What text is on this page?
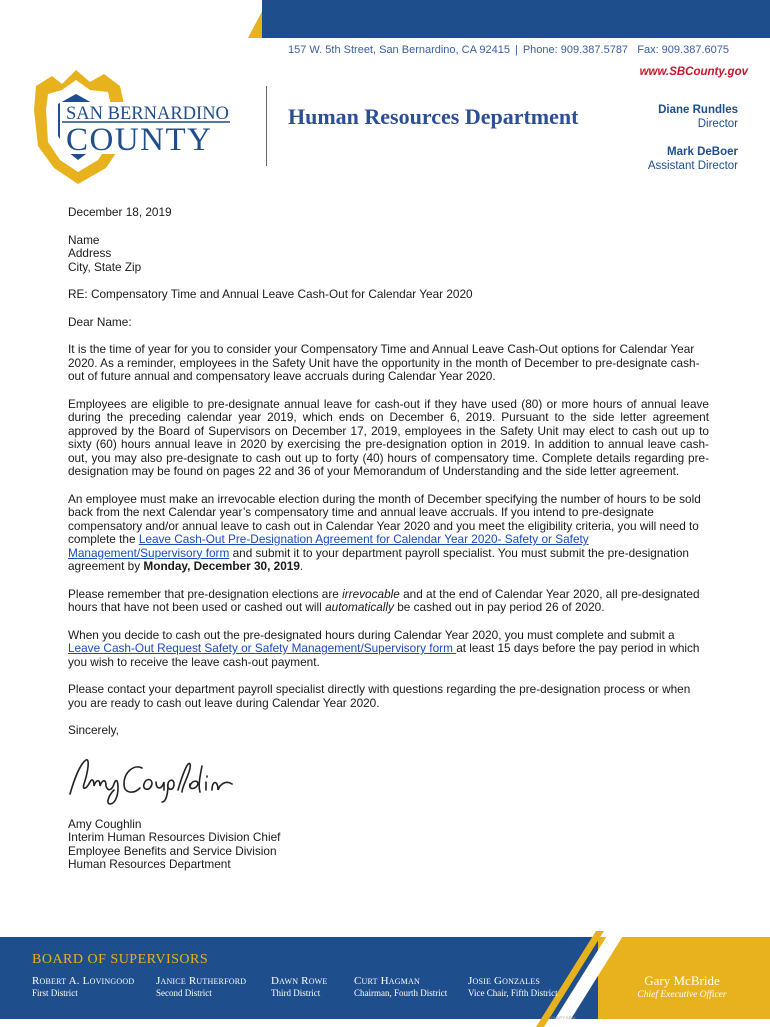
157 W. 5th Street, San Bernardino, CA 92415 | Phone: 909.387.5787 Fax: 909.387.6075
www.SBCounty.gov
SAN BERNARDINO
COUNTY
Human Resources Department	Diane Rundles
Director
Mark DeBoer
Assistant Director

December 18, 2019

Name
Address
City, State Zip

RE: Compensatory Time and Annual Leave Cash-Out for Calendar Year 2020

Dear Name:

It is the time of year for you to consider your Compensatory Time and Annual Leave Cash-Out options for Calendar Year 2020. As a reminder, employees in the Safety Unit have the opportunity in the month of December to pre-designate cash-out of future annual and compensatory leave accruals during Calendar Year 2020.

Employees are eligible to pre-designate annual leave for cash-out if they have used (80) or more hours of annual leave during the preceding calendar year 2019, which ends on December 6, 2019. Pursuant to the side letter agreement approved by the Board of Supervisors on December 17, 2019, employees in the Safety Unit may elect to cash out up to sixty (60) hours annual leave in 2020 by exercising the pre-designation option in 2019. In addition to annual leave cash-out, you may also pre-designate to cash out up to forty (40) hours of compensatory time. Complete details regarding pre-designation may be found on pages 22 and 36 of your Memorandum of Understanding and the side letter agreement.

An employee must make an irrevocable election during the month of December specifying the number of hours to be sold back from the next Calendar year’s compensatory time and annual leave accruals. If you intend to pre-designate compensatory and/or annual leave to cash out in Calendar Year 2020 and you meet the eligibility criteria, you will need to complete the Leave Cash-Out Pre-Designation Agreement for Calendar Year 2020- Safety or Safety Management/Supervisory form and submit it to your department payroll specialist. You must submit the pre-designation agreement by Monday, December 30, 2019.

Please remember that pre-designation elections are irrevocable and at the end of Calendar Year 2020, all pre-designated hours that have not been used or cashed out will automatically be cashed out in pay period 26 of 2020.

When you decide to cash out the pre-designated hours during Calendar Year 2020, you must complete and submit a Leave Cash-Out Request Safety or Safety Management/Supervisory form at least 15 days before the pay period in which you wish to receive the leave cash-out payment.

Please contact your department payroll specialist directly with questions regarding the pre-designation process or when you are ready to cash out leave during Calendar Year 2020.

Sincerely,

Amy Coughlin
Interim Human Resources Division Chief
Employee Benefits and Service Division
Human Resources Department

BOARD OF SUPERVISORS
Robert A. Lovingood
First District
Janice Rutherford
Second District
Dawn Rowe
Third District
Curt Hagman
Chairman, Fourth District
Josie Gonzales
Vice Chair, Fifth District
Gary McBride
Chief Executive Officer
COUNTY SEAL
